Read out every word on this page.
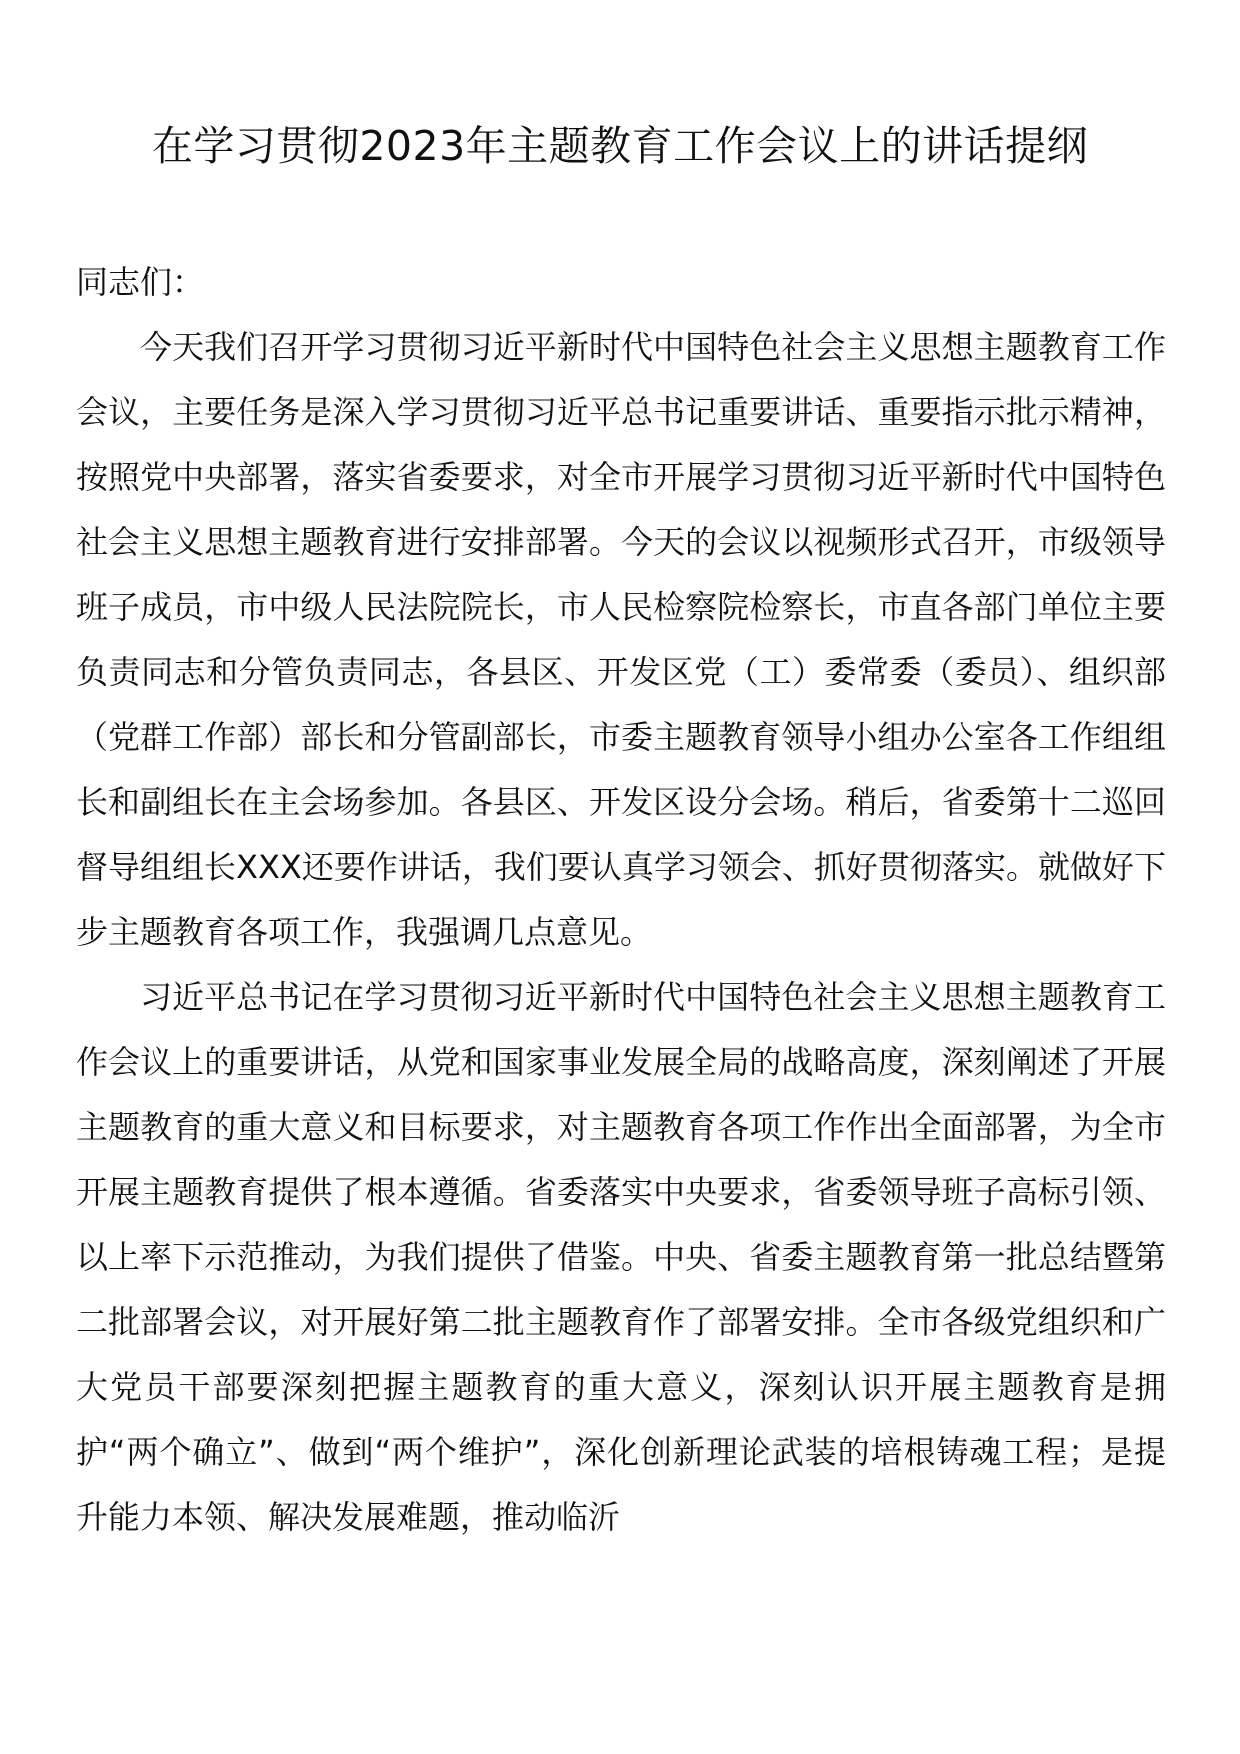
在学习贯彻2023年主题教育工作会议上的讲话提纲

同志们：

今天我们召开学习贯彻习近平新时代中国特色社会主义思想主题教育工作会议，主要任务是深入学习贯彻习近平总书记重要讲话、重要指示批示精神，按照党中央部署，落实省委要求，对全市开展学习贯彻习近平新时代中国特色社会主义思想主题教育进行安排部署。今天的会议以视频形式召开，市级领导班子成员，市中级人民法院院长，市人民检察院检察长，市直各部门单位主要负责同志和分管负责同志，各县区、开发区党（工）委常委（委员）、组织部（党群工作部）部长和分管副部长，市委主题教育领导小组办公室各工作组组长和副组长在主会场参加。各县区、开发区设分会场。稍后，省委第十二巡回督导组组长XXX还要作讲话，我们要认真学习领会、抓好贯彻落实。就做好下步主题教育各项工作，我强调几点意见。

习近平总书记在学习贯彻习近平新时代中国特色社会主义思想主题教育工作会议上的重要讲话，从党和国家事业发展全局的战略高度，深刻阐述了开展主题教育的重大意义和目标要求，对主题教育各项工作作出全面部署，为全市开展主题教育提供了根本遵循。省委落实中央要求，省委领导班子高标引领、以上率下示范推动，为我们提供了借鉴。中央、省委主题教育第一批总结暨第二批部署会议，对开展好第二批主题教育作了部署安排。全市各级党组织和广大党员干部要深刻把握主题教育的重大意义，深刻认识开展主题教育是拥护“两个确立”、做到“两个维护”，深化创新理论武装的培根铸魂工程；是提升能力本领、解决发展难题，推动临沂
